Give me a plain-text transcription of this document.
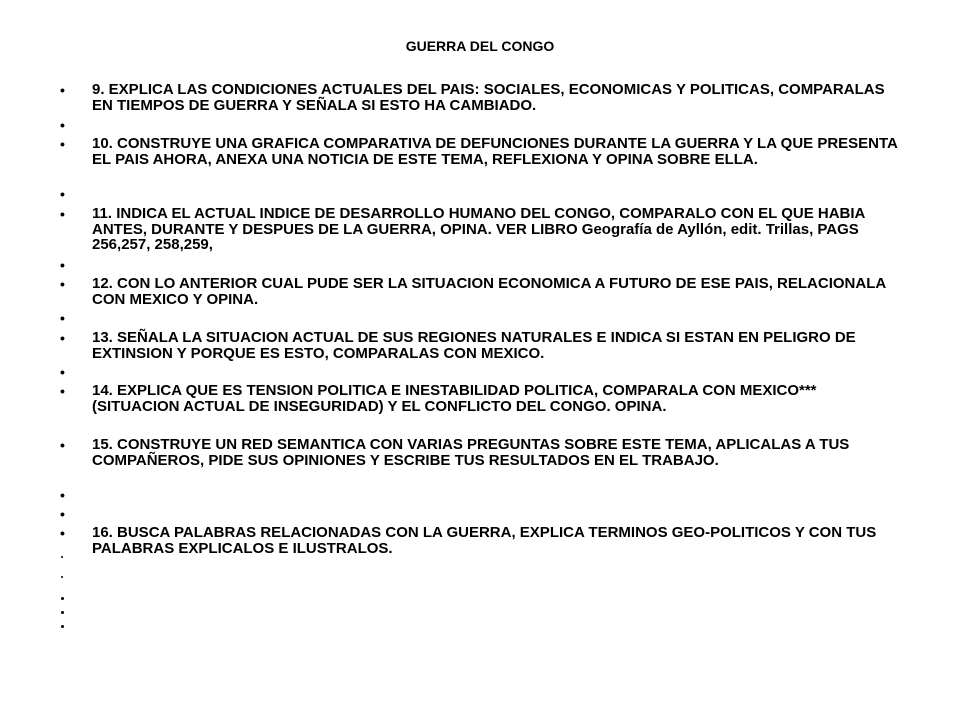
GUERRA DEL CONGO
•	9. EXPLICA LAS CONDICIONES ACTUALES DEL PAIS: SOCIALES, ECONOMICAS Y POLITICAS, COMPARALAS EN TIEMPOS DE GUERRA Y SEÑALA SI ESTO HA CAMBIADO.
•
•	10. CONSTRUYE UNA GRAFICA COMPARATIVA DE DEFUNCIONES DURANTE LA GUERRA Y LA QUE PRESENTA EL PAIS AHORA, ANEXA UNA NOTICIA DE ESTE TEMA, REFLEXIONA Y OPINA SOBRE ELLA.
•
•	11. INDICA EL ACTUAL INDICE DE DESARROLLO HUMANO DEL CONGO, COMPARALO CON EL QUE HABIA ANTES, DURANTE Y DESPUES DE LA GUERRA, OPINA. VER LIBRO Geografía de Ayllón, edit. Trillas, PAGS 256,257, 258,259,
•
•	12. CON LO ANTERIOR CUAL PUDE SER LA SITUACION ECONOMICA A FUTURO DE ESE PAIS, RELACIONALA CON MEXICO Y OPINA.
•
•	13. SEÑALA LA SITUACION ACTUAL DE SUS REGIONES NATURALES E INDICA SI ESTAN EN PELIGRO DE EXTINSION Y PORQUE ES ESTO, COMPARALAS CON MEXICO.
•
•	14. EXPLICA QUE ES TENSION POLITICA E INESTABILIDAD POLITICA, COMPARALA CON MEXICO*** (SITUACION ACTUAL DE INSEGURIDAD) Y EL CONFLICTO DEL CONGO. OPINA.
•	15. CONSTRUYE UN RED SEMANTICA CON VARIAS PREGUNTAS SOBRE ESTE TEMA, APLICALAS A TUS COMPAÑEROS, PIDE SUS OPINIONES Y ESCRIBE TUS RESULTADOS EN EL TRABAJO.
•
•
•	16. BUSCA PALABRAS RELACIONADAS CON LA GUERRA, EXPLICA TERMINOS GEO-POLITICOS Y CON TUS PALABRAS EXPLICALOS E ILUSTRALOS.
